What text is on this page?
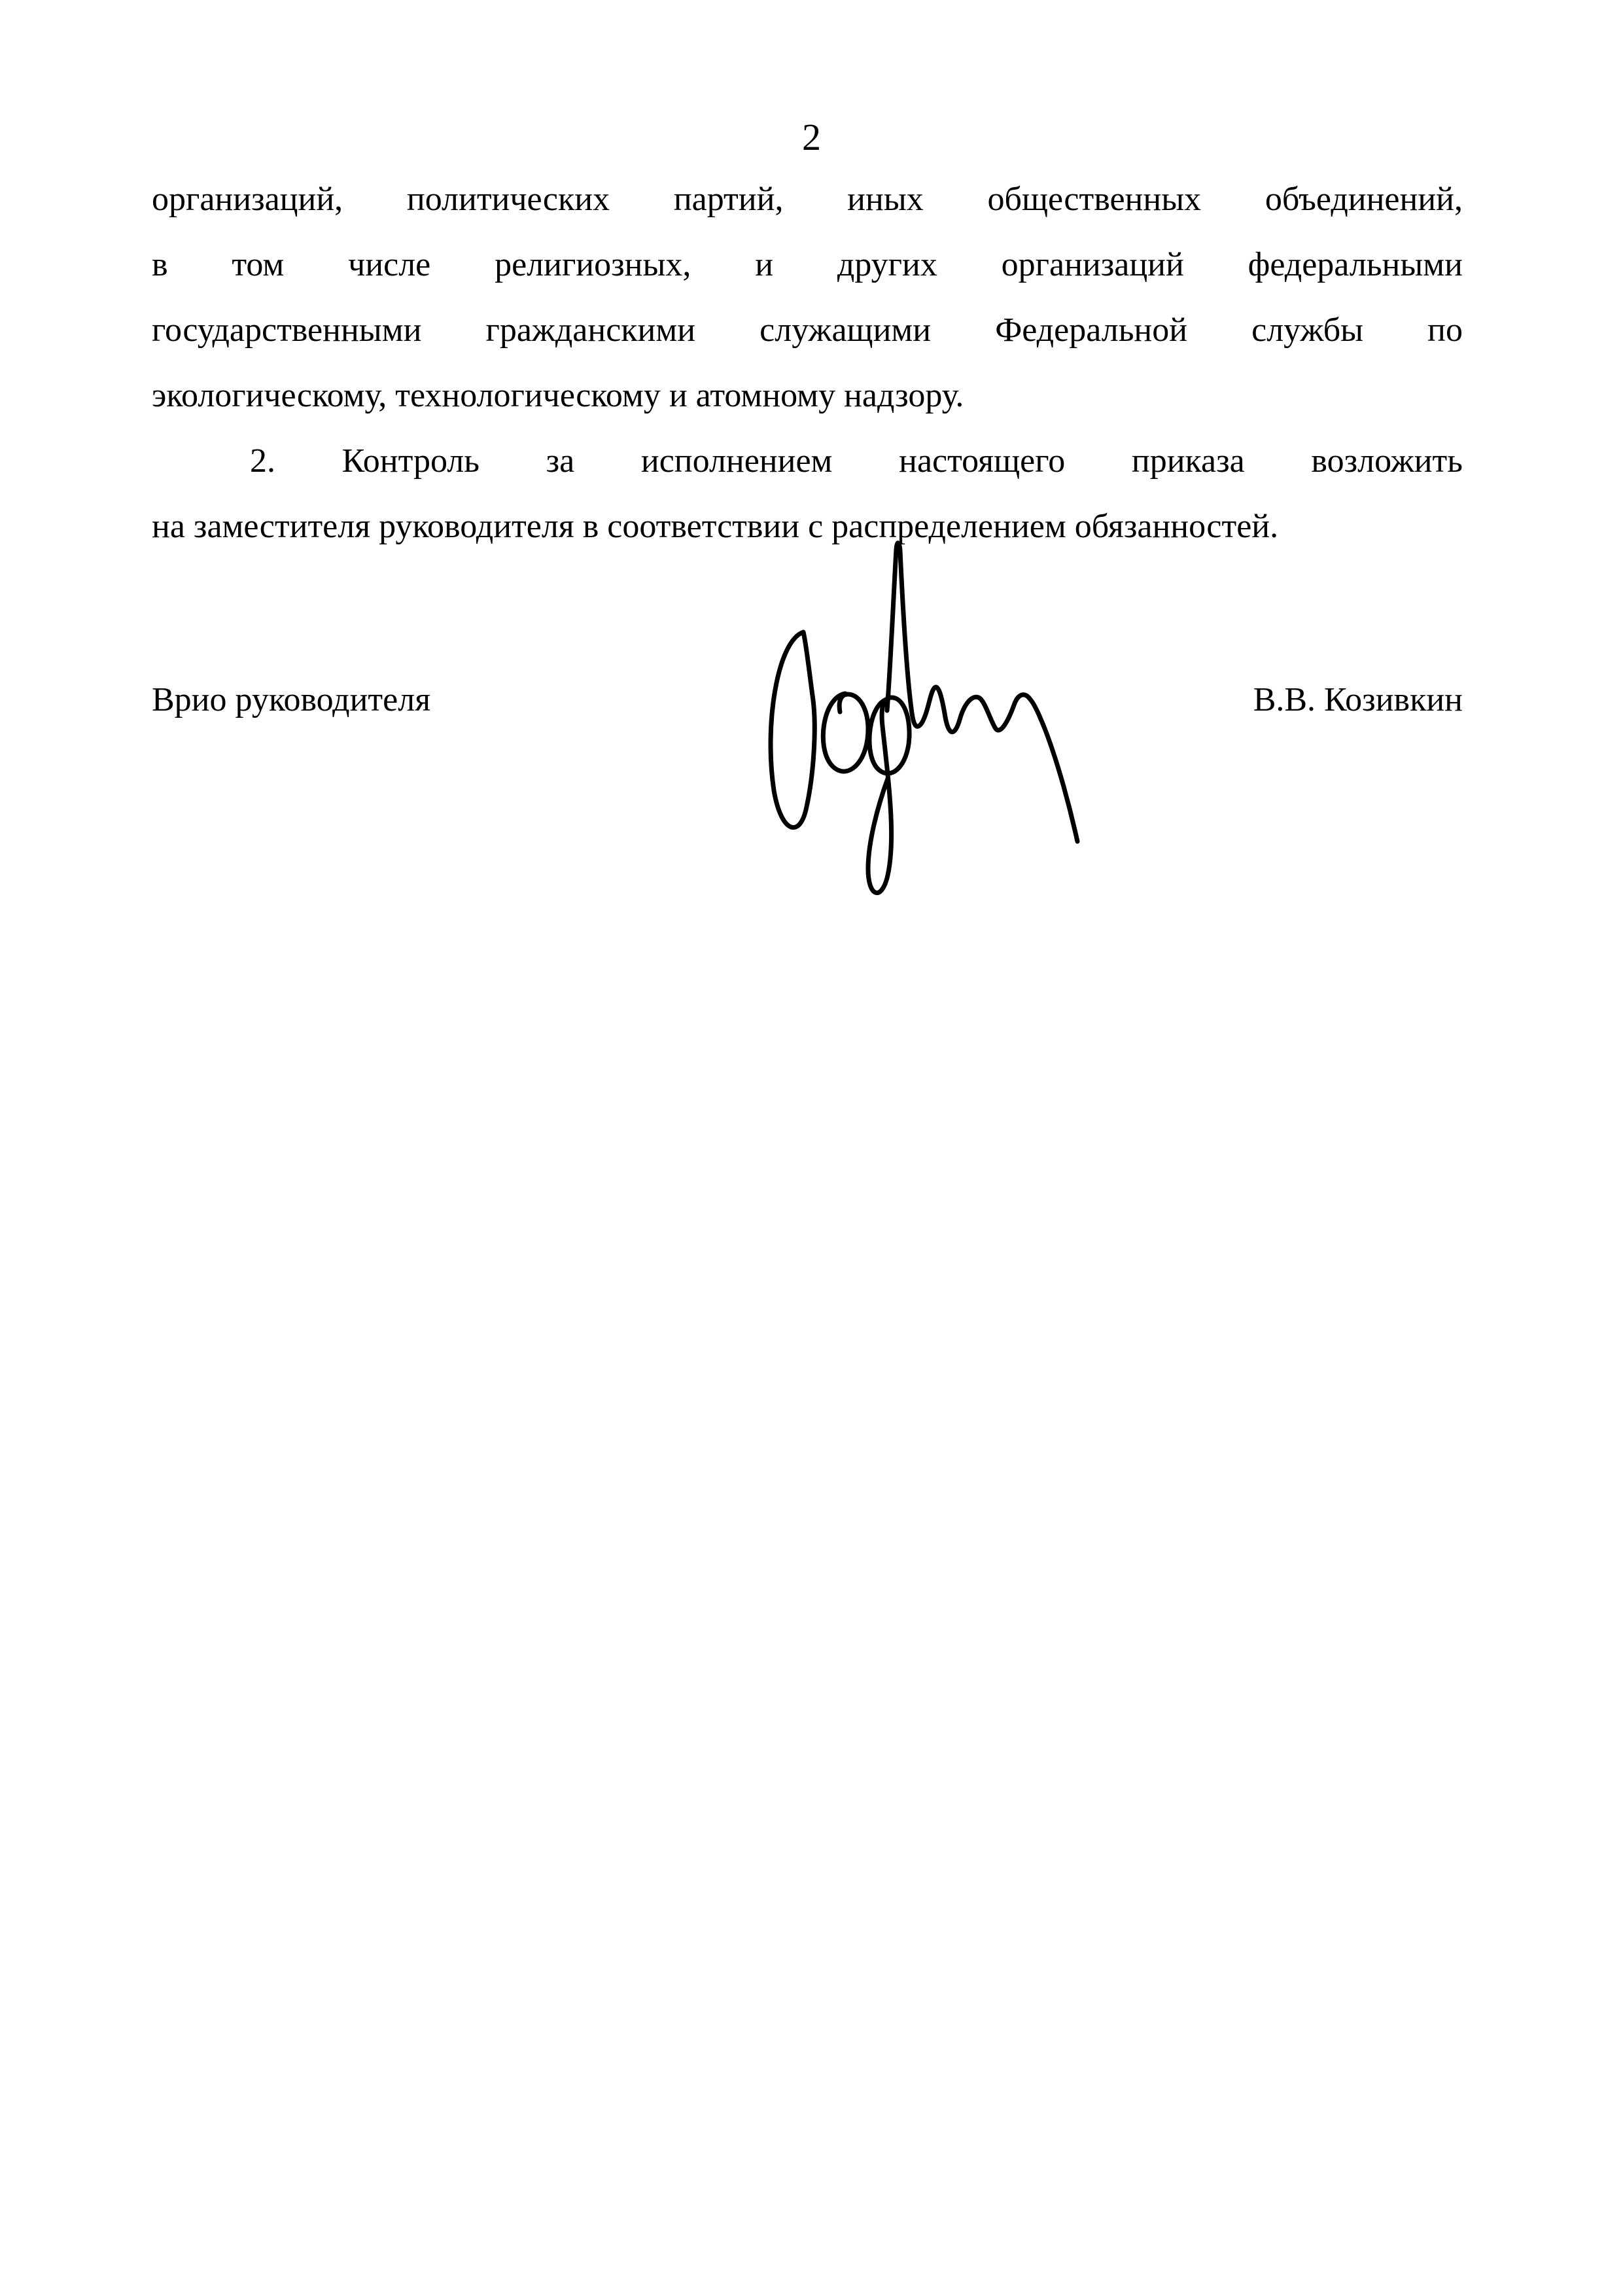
2
организаций, политических партий, иных общественных объединений,
в том числе религиозных, и других организаций федеральными
государственными гражданскими служащими Федеральной службы по
экологическому, технологическому и атомному надзору.
2. Контроль за исполнением настоящего приказа возложить
на заместителя руководителя в соответствии с распределением обязанностей.
Врио руководителя	В.В. Козивкин
